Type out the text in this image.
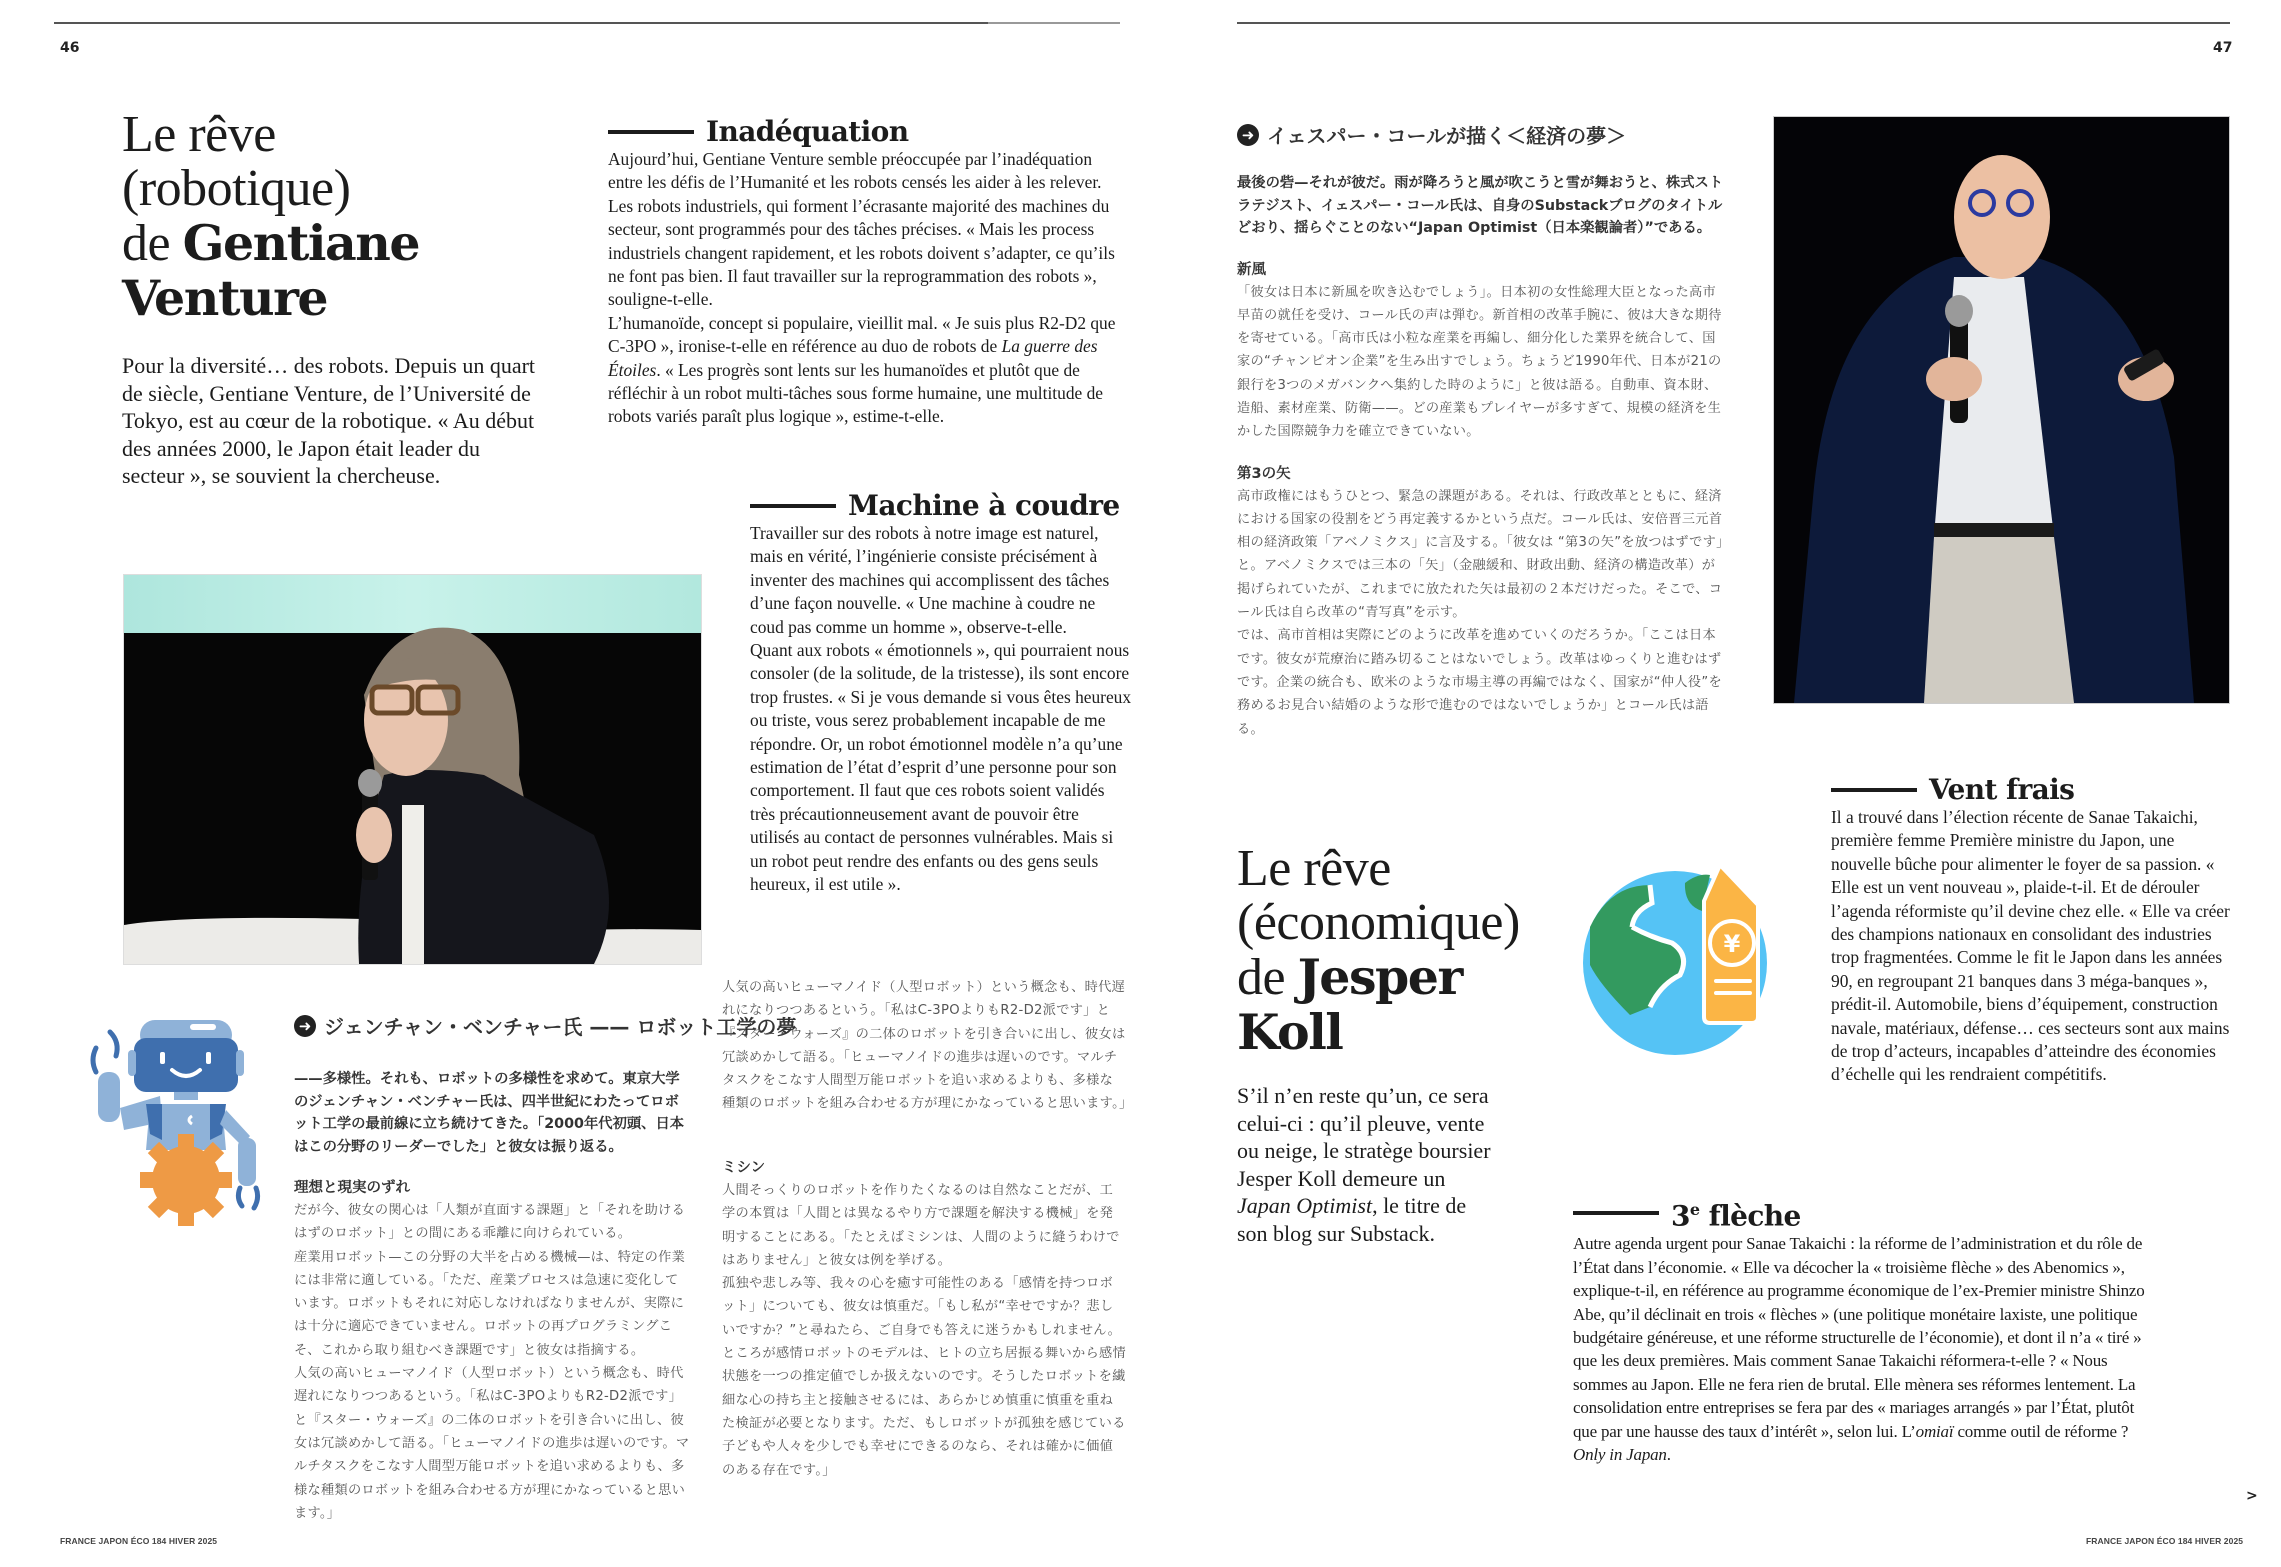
46	47
Le rêve
(robotique)
de Gentiane
Venture
Pour la diversité… des robots. Depuis un quart de siècle, Gentiane Venture, de l’Université de Tokyo, est au cœur de la robotique. « Au début des années 2000, le Japon était leader du secteur », se souvient la chercheuse.
Inadéquation

Aujourd’hui, Gentiane Venture semble préoccupée par l’inadéquation entre les défis de l’Humanité et les robots censés les aider à les relever.

Les robots industriels, qui forment l’écrasante majorité des machines du secteur, sont programmés pour des tâches précises. « Mais les process industriels changent rapidement, et les robots doivent s’adapter, ce qu’ils ne font pas bien. Il faut travailler sur la reprogrammation des robots », souligne-t-elle.

L’humanoïde, concept si populaire, vieillit mal. « Je suis plus R2-D2 que C-3PO », ironise-t-elle en référence au duo de robots de La guerre des Étoiles. « Les progrès sont lents sur les humanoïdes et plutôt que de réfléchir à un robot multi-tâches sous forme humaine, une multitude de robots variés paraît plus logique », estime-t-elle.

Machine à coudre

Travailler sur des robots à notre image est naturel, mais en vérité, l’ingénierie consiste précisément à inventer des machines qui accomplissent des tâches d’une façon nouvelle. « Une machine à coudre ne coud pas comme un homme », observe-t-elle.

Quant aux robots « émotionnels », qui pourraient nous consoler (de la solitude, de la tristesse), ils sont encore trop frustes. « Si je vous demande si vous êtes heureux ou triste, vous serez probablement incapable de me répondre. Or, un robot émotionnel modèle n’a qu’une estimation de l’état d’esprit d’une personne pour son comportement. Il faut que ces robots soient validés très précautionneusement avant de pouvoir être utilisés au contact de personnes vulnérables. Mais si un robot peut rendre des enfants ou des gens seuls heureux, il est utile ».

➜ ジェンチャン・ベンチャー氏 —— ロボット工学の夢
——多様性。それも、ロボットの多様性を求めて。東京大学のジェンチャン・ベンチャー氏は、四半世紀にわたってロボット工学の最前線に立ち続けてきた。「2000年代初頭、日本はこの分野のリーダーでした」と彼女は振り返る。
理想と現実のずれ

だが今、彼女の関心は「人類が直面する課題」と「それを助けるはずのロボット」との間にある乖離に向けられている。

産業用ロボット—この分野の大半を占める機械—は、特定の作業には非常に適している。「ただ、産業プロセスは急速に変化しています。ロボットもそれに対応しなければなりませんが、実際には十分に適応できていません。ロボットの再プログラミングこそ、これから取り組むべき課題です」と彼女は指摘する。

人気の高いヒューマノイド（人型ロボット）という概念も、時代遅れになりつつあるという。「私はC-3POよりもR2-D2派です」と『スター・ウォーズ』の二体のロボットを引き合いに出し、彼女は冗談めかして語る。「ヒューマノイドの進歩は遅いのです。マルチタスクをこなす人間型万能ロボットを追い求めるよりも、多様な種類のロボットを組み合わせる方が理にかなっていると思います。」

人気の高いヒューマノイド（人型ロボット）という概念も、時代遅れになりつつあるという。「私はC-3POよりもR2-D2派です」と『スター・ウォーズ』の二体のロボットを引き合いに出し、彼女は冗談めかして語る。「ヒューマノイドの進歩は遅いのです。マルチタスクをこなす人間型万能ロボットを追い求めるよりも、多様な種類のロボットを組み合わせる方が理にかなっていると思います。」

ミシン

人間そっくりのロボットを作りたくなるのは自然なことだが、工学の本質は「人間とは異なるやり方で課題を解決する機械」を発明することにある。「たとえばミシンは、人間のように縫うわけではありません」と彼女は例を挙げる。

孤独や悲しみ等、我々の心を癒す可能性のある「感情を持つロボット」についても、彼女は慎重だ。「もし私が“幸せですか？悲しいですか？”と尋ねたら、ご自身でも答えに迷うかもしれません。ところが感情ロボットのモデルは、ヒトの立ち居振る舞いから感情状態を一つの推定値でしか扱えないのです。そうしたロボットを繊細な心の持ち主と接触させるには、あらかじめ慎重に慎重を重ねた検証が必要となります。ただ、もしロボットが孤独を感じている子どもや人々を少しでも幸せにできるのなら、それは確かに価値のある存在です。」

FRANCE JAPON ÉCO 184 HIVER 2025
➜ イェスパー・コールが描く＜経済の夢＞
最後の砦—それが彼だ。雨が降ろうと風が吹こうと雪が舞おうと、株式ストラテジスト、イェスパー・コール氏は、自身のSubstackブログのタイトルどおり、揺らぐことのない“Japan Optimist（日本楽観論者）”である。
新風

「彼女は日本に新風を吹き込むでしょう」。日本初の女性総理大臣となった高市早苗の就任を受け、コール氏の声は弾む。新首相の改革手腕に、彼は大きな期待を寄せている。「高市氏は小粒な産業を再編し、細分化した業界を統合して、国家の“チャンピオン企業”を生み出すでしょう。ちょうど1990年代、日本が21の銀行を3つのメガバンクへ集約した時のように」と彼は語る。自動車、資本財、造船、素材産業、防衛——。どの産業もプレイヤーが多すぎて、規模の経済を生かした国際競争力を確立できていない。

第3の矢

高市政権にはもうひとつ、緊急の課題がある。それは、行政改革とともに、経済における国家の役割をどう再定義するかという点だ。コール氏は、安倍晋三元首相の経済政策「アベノミクス」に言及する。「彼女は “第3の矢”を放つはずです」と。アベノミクスでは三本の「矢」（金融緩和、財政出動、経済の構造改革）が掲げられていたが、これまでに放たれた矢は最初の２本だけだった。そこで、コール氏は自ら改革の“青写真”を示す。

では、高市首相は実際にどのように改革を進めていくのだろうか。「ここは日本です。彼女が荒療治に踏み切ることはないでしょう。改革はゆっくりと進むはずです。企業の統合も、欧米のような市場主導の再編ではなく、国家が“仲人役”を務めるお見合い結婚のような形で進むのではないでしょうか」とコール氏は語る。

Le rêve
(économique)
de Jesper
Koll
S’il n’en reste qu’un, ce sera celui-ci : qu’il pleuve, vente ou neige, le stratège boursier Jesper Koll demeure un Japan Optimist, le titre de son blog sur Substack.
¥
Vent frais

Il a trouvé dans l’élection récente de Sanae Takaichi, première femme Première ministre du Japon, une nouvelle bûche pour alimenter le foyer de sa passion. « Elle est un vent nouveau », plaide-t-il. Et de dérouler l’agenda réformiste qu’il devine chez elle. « Elle va créer des champions nationaux en consolidant des industries trop fragmentées. Comme le fit le Japon dans les années 90, en regroupant 21 banques dans 3 méga-banques », prédit-il. Automobile, biens d’équipement, construction navale, matériaux, défense… ces secteurs sont aux mains de trop d’acteurs, incapables d’atteindre des économies d’échelle qui les rendraient compétitifs.

3e flèche

Autre agenda urgent pour Sanae Takaichi : la réforme de l’administration et du rôle de l’État dans l’économie. « Elle va décocher la « troisième flèche » des Abenomics », explique-t-il, en référence au programme économique de l’ex-Premier ministre Shinzo Abe, qu’il déclinait en trois « flèches » (une politique monétaire laxiste, une politique budgétaire généreuse, et une réforme structurelle de l’économie), et dont il n’a « tiré » que les deux premières. Mais comment Sanae Takaichi réformera-t-elle ? « Nous sommes au Japon. Elle ne fera rien de brutal. Elle mènera ses réformes lentement. La consolidation entre entreprises se fera par des « mariages arrangés » par l’État, plutôt que par une hausse des taux d’intérêt », selon lui. L’omiaï comme outil de réforme ? Only in Japan.

>
FRANCE JAPON ÉCO 184 HIVER 2025
